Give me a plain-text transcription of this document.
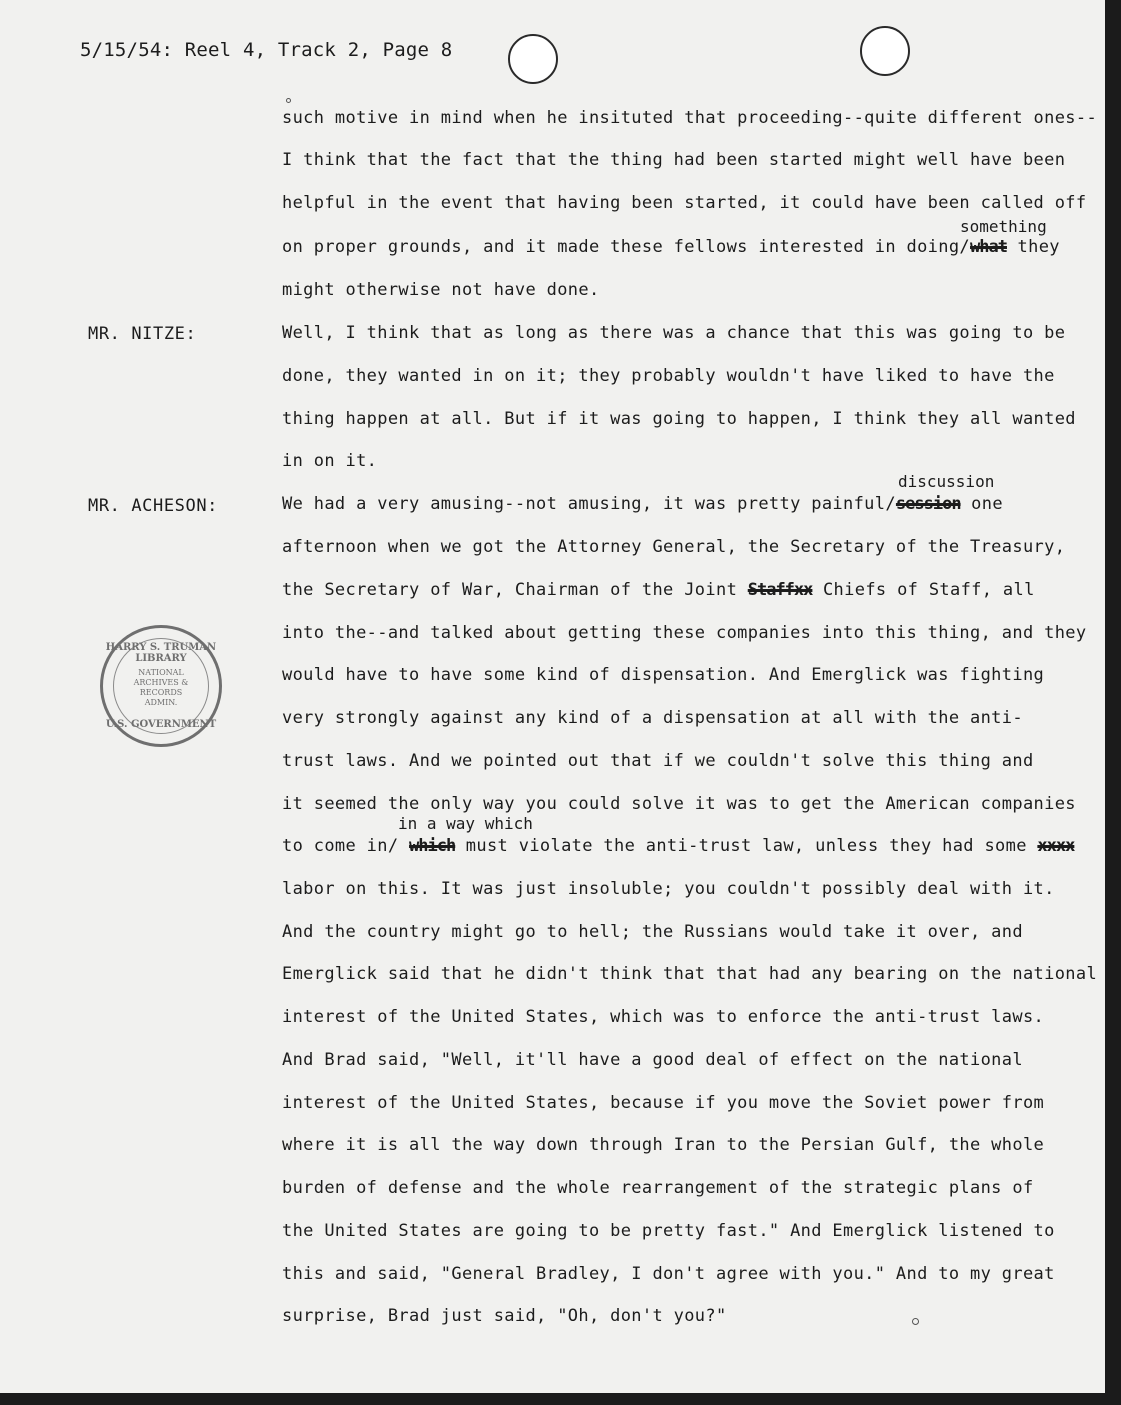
5/15/54: Reel 4, Track 2, Page 8
such motive in mind when he insituted that proceeding--quite different ones--
I think that the fact that the thing had been started might well have been
helpful in the event that having been started, it could have been called off
something
on proper grounds, and it made these fellows interested in doing/what they
might otherwise not have done.
MR. NITZE:	Well, I think that as long as there was a chance that this was going to be
done, they wanted in on it; they probably wouldn't have liked to have the
thing happen at all. But if it was going to happen, I think they all wanted
in on it.
discussion
MR. ACHESON:	We had a very amusing--not amusing, it was pretty painful/session one
afternoon when we got the Attorney General, the Secretary of the Treasury,
the Secretary of War, Chairman of the Joint Staffxx Chiefs of Staff, all
into the--and talked about getting these companies into this thing, and they
would have to have some kind of dispensation. And Emerglick was fighting
very strongly against any kind of a dispensation at all with the anti-
trust laws. And we pointed out that if we couldn't solve this thing and
it seemed the only way you could solve it was to get the American companies
in a way which
to come in/ which must violate the anti-trust law, unless they had some xxxx
labor on this. It was just insoluble; you couldn't possibly deal with it.
And the country might go to hell; the Russians would take it over, and
Emerglick said that he didn't think that that had any bearing on the national
interest of the United States, which was to enforce the anti-trust laws.
And Brad said, "Well, it'll have a good deal of effect on the national
interest of the United States, because if you move the Soviet power from
where it is all the way down through Iran to the Persian Gulf, the whole
burden of defense and the whole rearrangement of the strategic plans of
the United States are going to be pretty fast." And Emerglick listened to
this and said, "General Bradley, I don't agree with you." And to my great
surprise, Brad just said, "Oh, don't you?"
HARRY S. TRUMAN LIBRARY
NATIONAL ARCHIVES & RECORDS ADMIN.
U.S. GOVERNMENT
